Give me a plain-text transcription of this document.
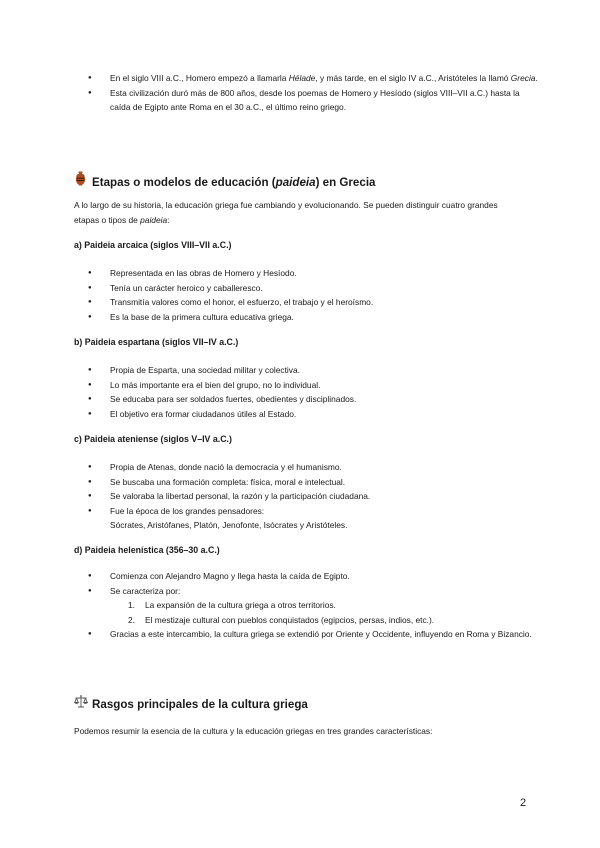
● En el siglo VIII a.C., Homero empezó a llamarla Hélade, y más tarde, en el siglo IV a.C., Aristóteles la llamó Grecia.
● Esta civilización duró más de 800 años, desde los poemas de Homero y Hesíodo (siglos VIII–VII a.C.) hasta la caída de Egipto ante Roma en el 30 a.C., el último reino griego.
Etapas o modelos de educación (paideia) en Grecia
A lo largo de su historia, la educación griega fue cambiando y evolucionando. Se pueden distinguir cuatro grandes etapas o tipos de paideia:
a) Paideia arcaica (siglos VIII–VII a.C.)
● Representada en las obras de Homero y Hesíodo.
● Tenía un carácter heroico y caballeresco.
● Transmitía valores como el honor, el esfuerzo, el trabajo y el heroísmo.
● Es la base de la primera cultura educativa griega.
b) Paideia espartana (siglos VII–IV a.C.)
● Propia de Esparta, una sociedad militar y colectiva.
● Lo más importante era el bien del grupo, no lo individual.
● Se educaba para ser soldados fuertes, obedientes y disciplinados.
● El objetivo era formar ciudadanos útiles al Estado.
c) Paideia ateniense (siglos V–IV a.C.)
● Propia de Atenas, donde nació la democracia y el humanismo.
● Se buscaba una formación completa: física, moral e intelectual.
● Se valoraba la libertad personal, la razón y la participación ciudadana.
● Fue la época de los grandes pensadores:
Sócrates, Aristófanes, Platón, Jenofonte, Isócrates y Aristóteles.
d) Paideia helenística (356–30 a.C.)
● Comienza con Alejandro Magno y llega hasta la caída de Egipto.
● Se caracteriza por:
1. La expansión de la cultura griega a otros territorios.
2. El mestizaje cultural con pueblos conquistados (egipcios, persas, indios, etc.).
● Gracias a este intercambio, la cultura griega se extendió por Oriente y Occidente, influyendo en Roma y Bizancio.
Rasgos principales de la cultura griega
Podemos resumir la esencia de la cultura y la educación griegas en tres grandes características:
2
